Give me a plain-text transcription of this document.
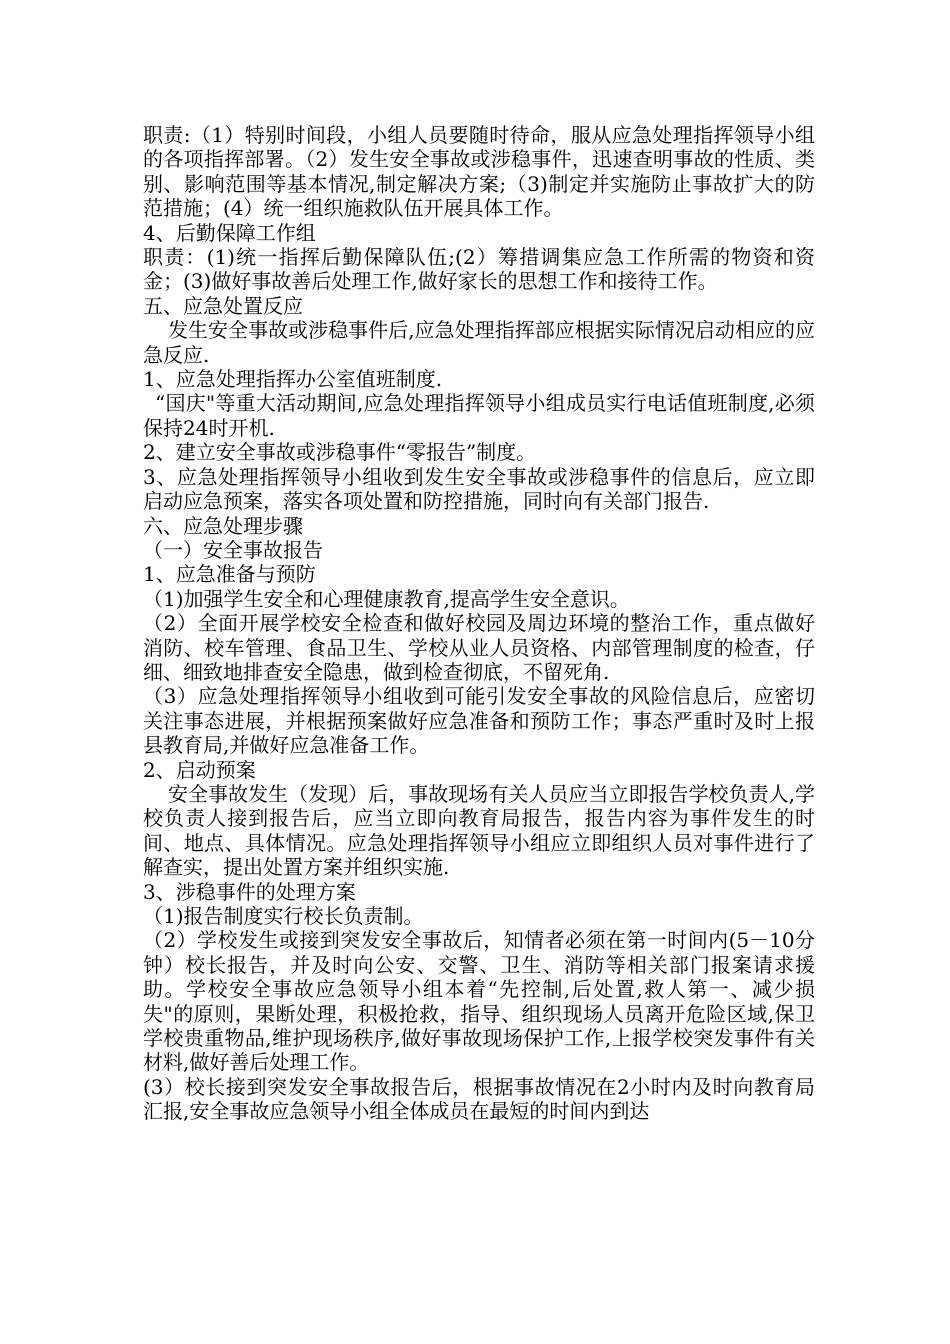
职责:（1）特别时间段，小组人员要随时待命，服从应急处理指挥领导小组的各项指挥部署。（2）发生安全事故或涉稳事件，迅速查明事故的性质、类别、影响范围等基本情况,制定解决方案;（3)制定并实施防止事故扩大的防范措施；(4）统一组织施救队伍开展具体工作。

4、后勤保障工作组

职责：(1)统一指挥后勤保障队伍;(2）筹措调集应急工作所需的物资和资金；(3)做好事故善后处理工作,做好家长的思想工作和接待工作。

五、应急处置反应

发生安全事故或涉稳事件后,应急处理指挥部应根据实际情况启动相应的应急反应.

1、应急处理指挥办公室值班制度.

“国庆"等重大活动期间,应急处理指挥领导小组成员实行电话值班制度,必须保持24时开机.

2、建立安全事故或涉稳事件“零报告”制度。

3、应急处理指挥领导小组收到发生安全事故或涉稳事件的信息后，应立即启动应急预案，落实各项处置和防控措施，同时向有关部门报告.

六、应急处理步骤

（一）安全事故报告

1、应急准备与预防

（1)加强学生安全和心理健康教育,提高学生安全意识。

（2）全面开展学校安全检查和做好校园及周边环境的整治工作，重点做好消防、校车管理、食品卫生、学校从业人员资格、内部管理制度的检查，仔细、细致地排查安全隐患，做到检查彻底，不留死角.

（3）应急处理指挥领导小组收到可能引发安全事故的风险信息后，应密切关注事态进展，并根据预案做好应急准备和预防工作；事态严重时及时上报县教育局,并做好应急准备工作。

2、启动预案

安全事故发生（发现）后，事故现场有关人员应当立即报告学校负责人,学校负责人接到报告后，应当立即向教育局报告，报告内容为事件发生的时间、地点、具体情况。应急处理指挥领导小组应立即组织人员对事件进行了解查实，提出处置方案并组织实施.

3、涉稳事件的处理方案

（1)报告制度实行校长负责制。

（2）学校发生或接到突发安全事故后，知情者必须在第一时间内(5－10分钟）校长报告，并及时向公安、交警、卫生、消防等相关部门报案请求援助。学校安全事故应急领导小组本着“先控制,后处置,救人第一、减少损失"的原则，果断处理，积极抢救，指导、组织现场人员离开危险区域,保卫学校贵重物品,维护现场秩序,做好事故现场保护工作,上报学校突发事件有关材料,做好善后处理工作。

(3）校长接到突发安全事故报告后，根据事故情况在2小时内及时向教育局汇报,安全事故应急领导小组全体成员在最短的时间内到达
